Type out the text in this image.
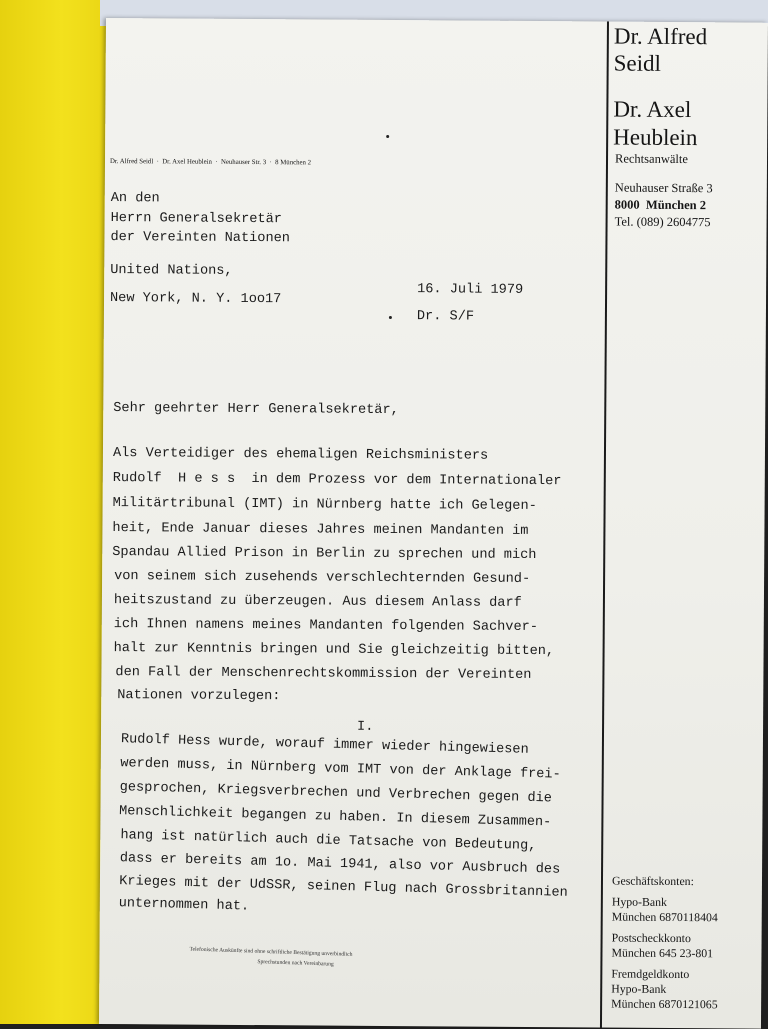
Dr. Alfred
Seidl
Dr. Axel
Heublein
Rechtsanwälte
Neuhauser Straße 3
8000  München 2
Tel. (089) 2604775
Dr. Alfred Seidl  ·  Dr. Axel Heublein  ·  Neuhauser Str. 3  ·  8 München 2
An den
Herrn Generalsekretär
der Vereinten Nationen
United Nations,
New York, N. Y. 1oo17
16. Juli 1979
Dr. S/F
Sehr geehrter Herr Generalsekretär,
Als Verteidiger des ehemaligen Reichsministers
Rudolf  H e s s  in dem Prozess vor dem Internationaler
Militärtribunal (IMT) in Nürnberg hatte ich Gelegen-
heit, Ende Januar dieses Jahres meinen Mandanten im
Spandau Allied Prison in Berlin zu sprechen und mich
von seinem sich zusehends verschlechternden Gesund-
heitszustand zu überzeugen. Aus diesem Anlass darf
ich Ihnen namens meines Mandanten folgenden Sachver-
halt zur Kenntnis bringen und Sie gleichzeitig bitten,
den Fall der Menschenrechtskommission der Vereinten
Nationen vorzulegen:
I.
Rudolf Hess wurde, worauf immer wieder hingewiesen
werden muss, in Nürnberg vom IMT von der Anklage frei-
gesprochen, Kriegsverbrechen und Verbrechen gegen die
Menschlichkeit begangen zu haben. In diesem Zusammen-
hang ist natürlich auch die Tatsache von Bedeutung,
dass er bereits am 1o. Mai 1941, also vor Ausbruch des
Krieges mit der UdSSR, seinen Flug nach Grossbritannien
unternommen hat.
Telefonische Auskünfte sind ohne schriftliche Bestätigung unverbindlich
Sprechstunden nach Vereinbarung
Geschäftskonten:
Hypo-Bank
München 6870118404
Postscheckkonto
München 645 23-801
Fremdgeldkonto
Hypo-Bank
München 6870121065
